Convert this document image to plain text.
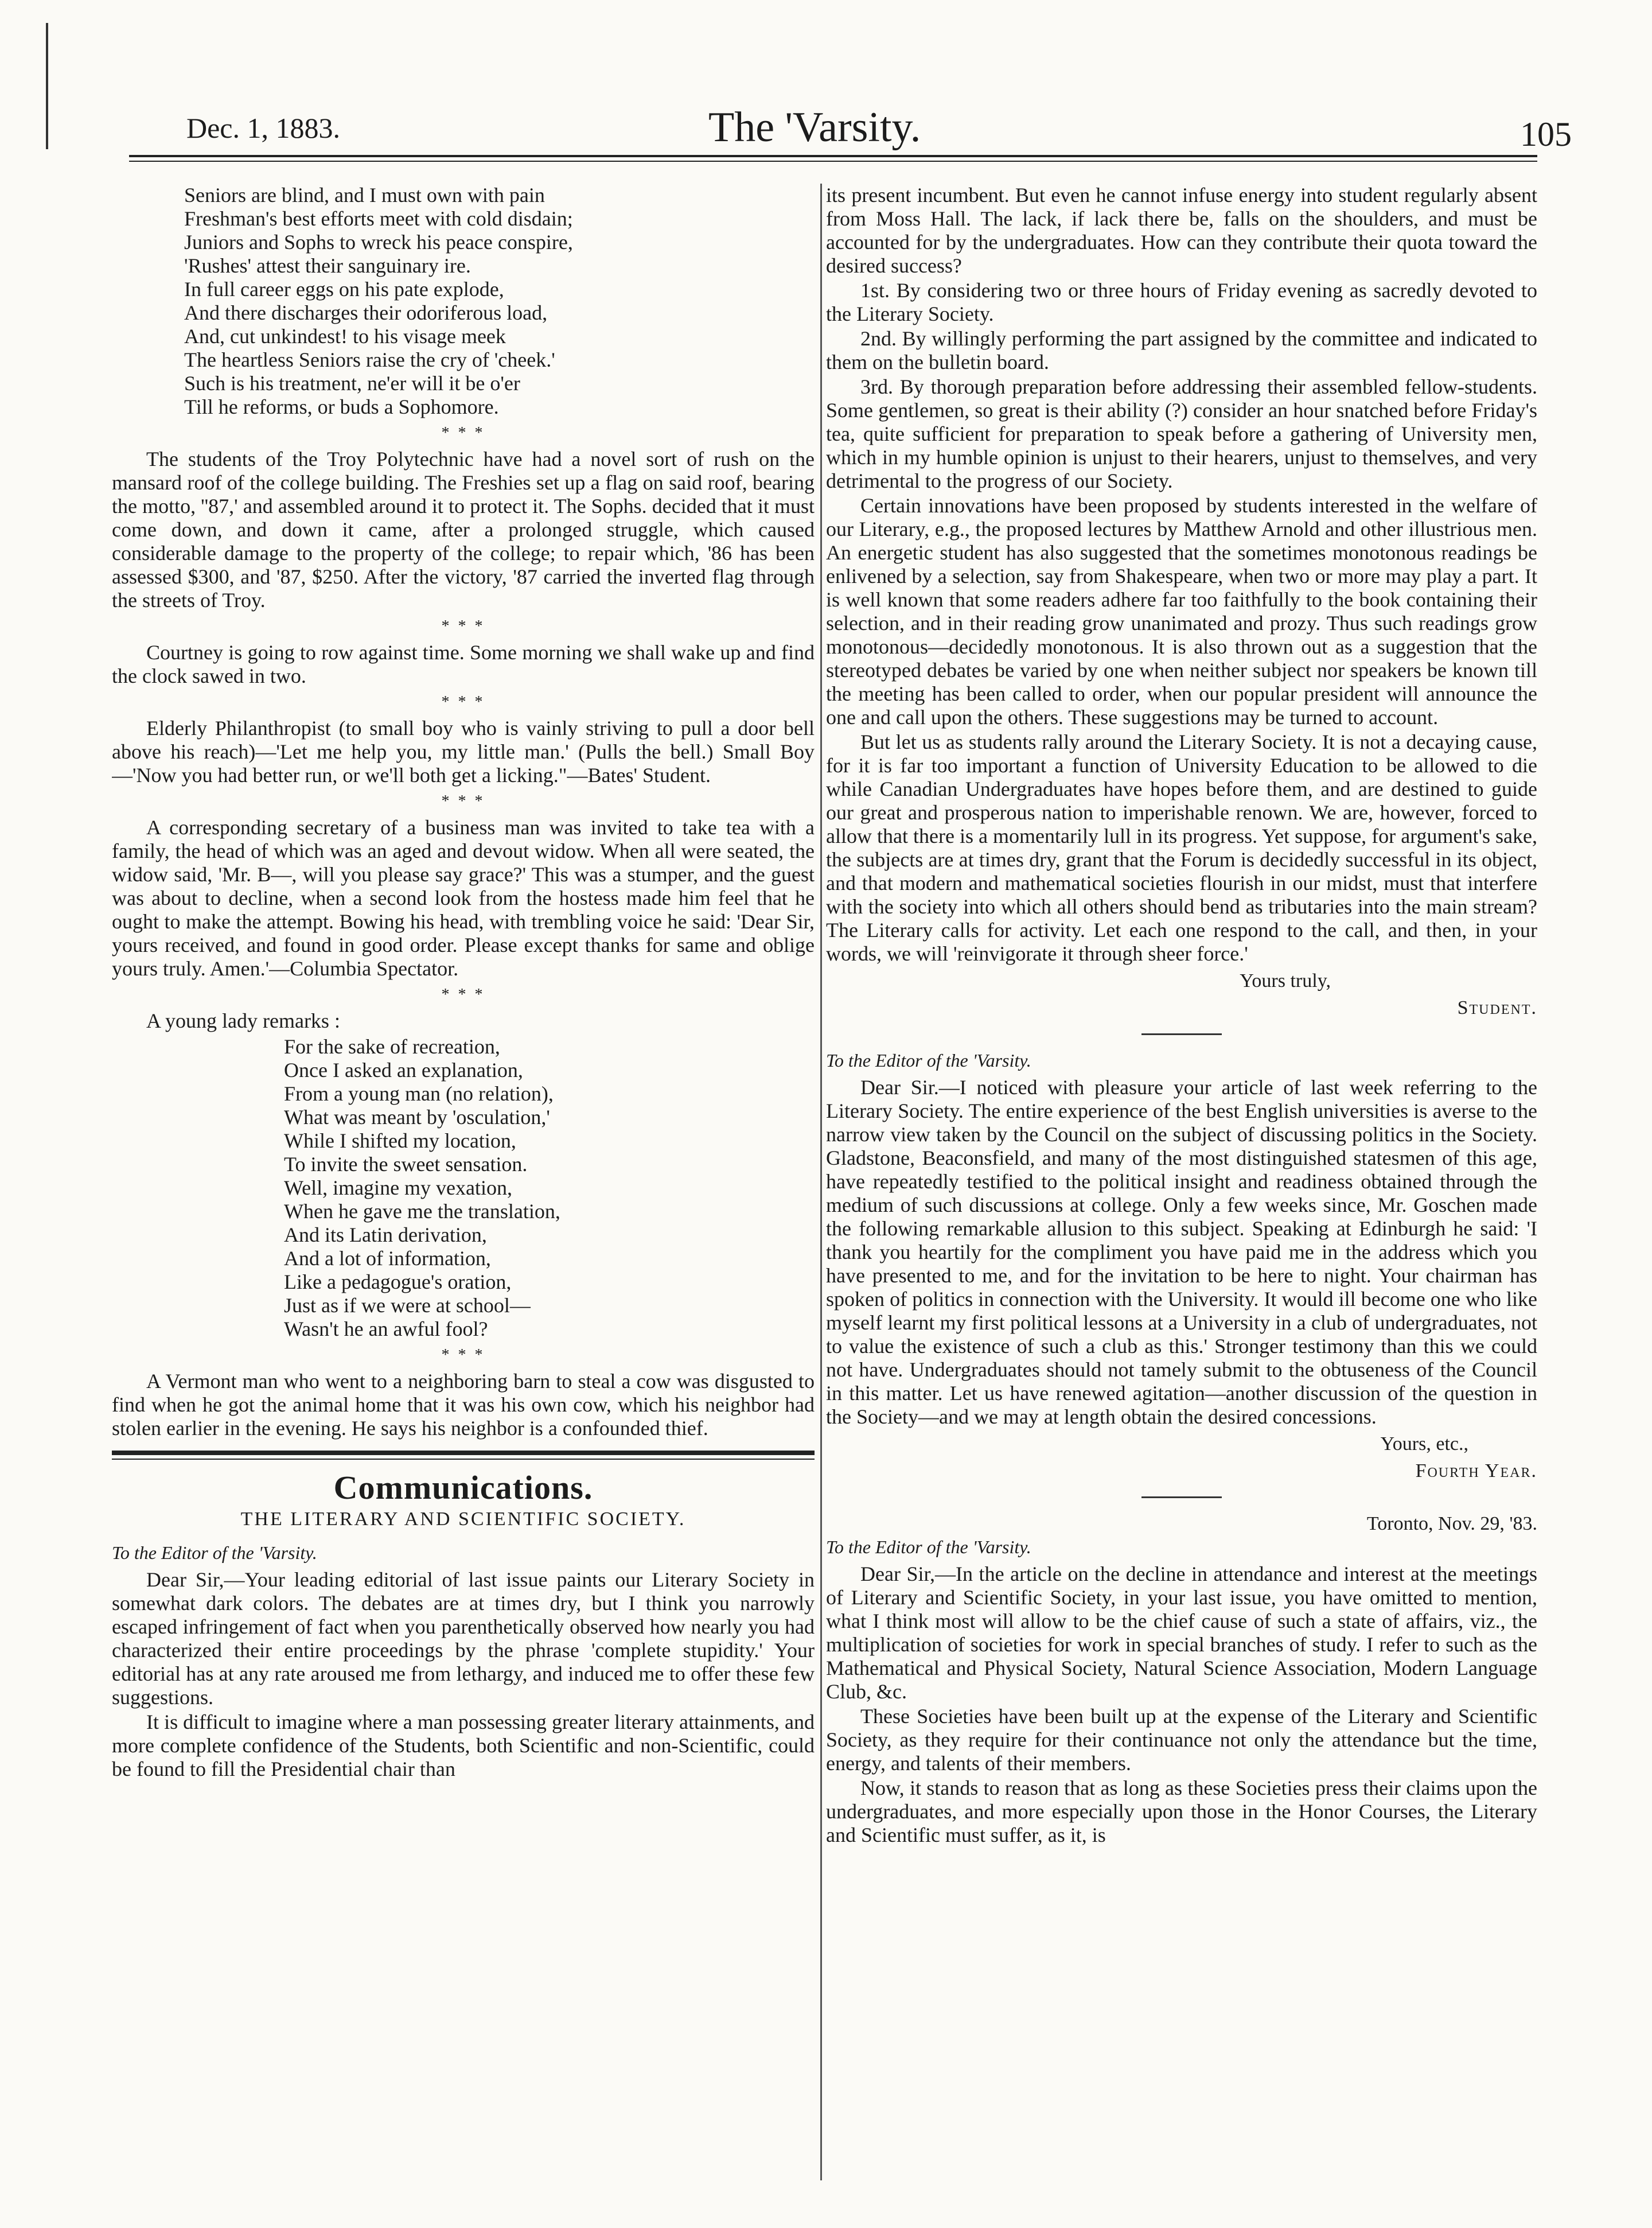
Dec. 1, 1883.	The 'Varsity.	105

Seniors are blind, and I must own with pain

Freshman's best efforts meet with cold disdain;

Juniors and Sophs to wreck his peace conspire,

'Rushes' attest their sanguinary ire.

In full career eggs on his pate explode,

And there discharges their odoriferous load,

And, cut unkindest! to his visage meek

The heartless Seniors raise the cry of 'cheek.'

Such is his treatment, ne'er will it be o'er

Till he reforms, or buds a Sophomore.

* * *

The students of the Troy Polytechnic have had a novel sort of rush on the mansard roof of the college building. The Freshies set up a flag on said roof, bearing the motto, ''87,' and assembled around it to protect it. The Sophs. decided that it must come down, and down it came, after a prolonged struggle, which caused considerable damage to the property of the college; to repair which, '86 has been assessed $300, and '87, $250. After the victory, '87 carried the inverted flag through the streets of Troy.

* * *

Courtney is going to row against time. Some morning we shall wake up and find the clock sawed in two.

* * *

Elderly Philanthropist (to small boy who is vainly striving to pull a door bell above his reach)—'Let me help you, my little man.' (Pulls the bell.) Small Boy—'Now you had better run, or we'll both get a licking."—Bates' Student.

* * *

A corresponding secretary of a business man was invited to take tea with a family, the head of which was an aged and devout widow. When all were seated, the widow said, 'Mr. B—, will you please say grace?' This was a stumper, and the guest was about to decline, when a second look from the hostess made him feel that he ought to make the attempt. Bowing his head, with trembling voice he said: 'Dear Sir, yours received, and found in good order. Please except thanks for same and oblige yours truly. Amen.'—Columbia Spectator.

* * *

A young lady remarks :

For the sake of recreation,

Once I asked an explanation,

From a young man (no relation),

What was meant by 'osculation,'

While I shifted my location,

To invite the sweet sensation.

Well, imagine my vexation,

When he gave me the translation,

And its Latin derivation,

And a lot of information,

Like a pedagogue's oration,

Just as if we were at school—

Wasn't he an awful fool?

* * *

A Vermont man who went to a neighboring barn to steal a cow was disgusted to find when he got the animal home that it was his own cow, which his neighbor had stolen earlier in the evening. He says his neighbor is a confounded thief.

Communications.
THE LITERARY AND SCIENTIFIC SOCIETY.
To the Editor of the 'Varsity.

Dear Sir,—Your leading editorial of last issue paints our Literary Society in somewhat dark colors. The debates are at times dry, but I think you narrowly escaped infringement of fact when you parenthetically observed how nearly you had characterized their entire proceedings by the phrase 'complete stupidity.' Your editorial has at any rate aroused me from lethargy, and induced me to offer these few suggestions.

It is difficult to imagine where a man possessing greater literary attainments, and more complete confidence of the Students, both Scientific and non-Scientific, could be found to fill the Presidential chair than

its present incumbent. But even he cannot infuse energy into student regularly absent from Moss Hall. The lack, if lack there be, falls on the shoulders, and must be accounted for by the undergraduates. How can they contribute their quota toward the desired success?

1st. By considering two or three hours of Friday evening as sacredly devoted to the Literary Society.

2nd. By willingly performing the part assigned by the committee and indicated to them on the bulletin board.

3rd. By thorough preparation before addressing their assembled fellow-students. Some gentlemen, so great is their ability (?) consider an hour snatched before Friday's tea, quite sufficient for preparation to speak before a gathering of University men, which in my humble opinion is unjust to their hearers, unjust to themselves, and very detrimental to the progress of our Society.

Certain innovations have been proposed by students interested in the welfare of our Literary, e.g., the proposed lectures by Matthew Arnold and other illustrious men. An energetic student has also suggested that the sometimes monotonous readings be enlivened by a selection, say from Shakespeare, when two or more may play a part. It is well known that some readers adhere far too faithfully to the book containing their selection, and in their reading grow unanimated and prozy. Thus such readings grow monotonous—decidedly monotonous. It is also thrown out as a suggestion that the stereotyped debates be varied by one when neither subject nor speakers be known till the meeting has been called to order, when our popular president will announce the one and call upon the others. These suggestions may be turned to account.

But let us as students rally around the Literary Society. It is not a decaying cause, for it is far too important a function of University Education to be allowed to die while Canadian Undergraduates have hopes before them, and are destined to guide our great and prosperous nation to imperishable renown. We are, however, forced to allow that there is a momentarily lull in its progress. Yet suppose, for argument's sake, the subjects are at times dry, grant that the Forum is decidedly successful in its object, and that modern and mathematical societies flourish in our midst, must that interfere with the society into which all others should bend as tributaries into the main stream? The Literary calls for activity. Let each one respond to the call, and then, in your words, we will 'reinvigorate it through sheer force.'

Yours truly,
Student.
To the Editor of the 'Varsity.

Dear Sir.—I noticed with pleasure your article of last week referring to the Literary Society. The entire experience of the best English universities is averse to the narrow view taken by the Council on the subject of discussing politics in the Society. Gladstone, Beaconsfield, and many of the most distinguished statesmen of this age, have repeatedly testified to the political insight and readiness obtained through the medium of such discussions at college. Only a few weeks since, Mr. Goschen made the following remarkable allusion to this subject. Speaking at Edinburgh he said: 'I thank you heartily for the compliment you have paid me in the address which you have presented to me, and for the invitation to be here to night. Your chairman has spoken of politics in connection with the University. It would ill become one who like myself learnt my first political lessons at a University in a club of undergraduates, not to value the existence of such a club as this.' Stronger testimony than this we could not have. Undergraduates should not tamely submit to the obtuseness of the Council in this matter. Let us have renewed agitation—another discussion of the question in the Society—and we may at length obtain the desired concessions.

Yours, etc.,
Fourth Year.
Toronto, Nov. 29, '83.
To the Editor of the 'Varsity.

Dear Sir,—In the article on the decline in attendance and interest at the meetings of Literary and Scientific Society, in your last issue, you have omitted to mention, what I think most will allow to be the chief cause of such a state of affairs, viz., the multiplication of societies for work in special branches of study. I refer to such as the Mathematical and Physical Society, Natural Science Association, Modern Language Club, &c.

These Societies have been built up at the expense of the Literary and Scientific Society, as they require for their continuance not only the attendance but the time, energy, and talents of their members.

Now, it stands to reason that as long as these Societies press their claims upon the undergraduates, and more especially upon those in the Honor Courses, the Literary and Scientific must suffer, as it, is
